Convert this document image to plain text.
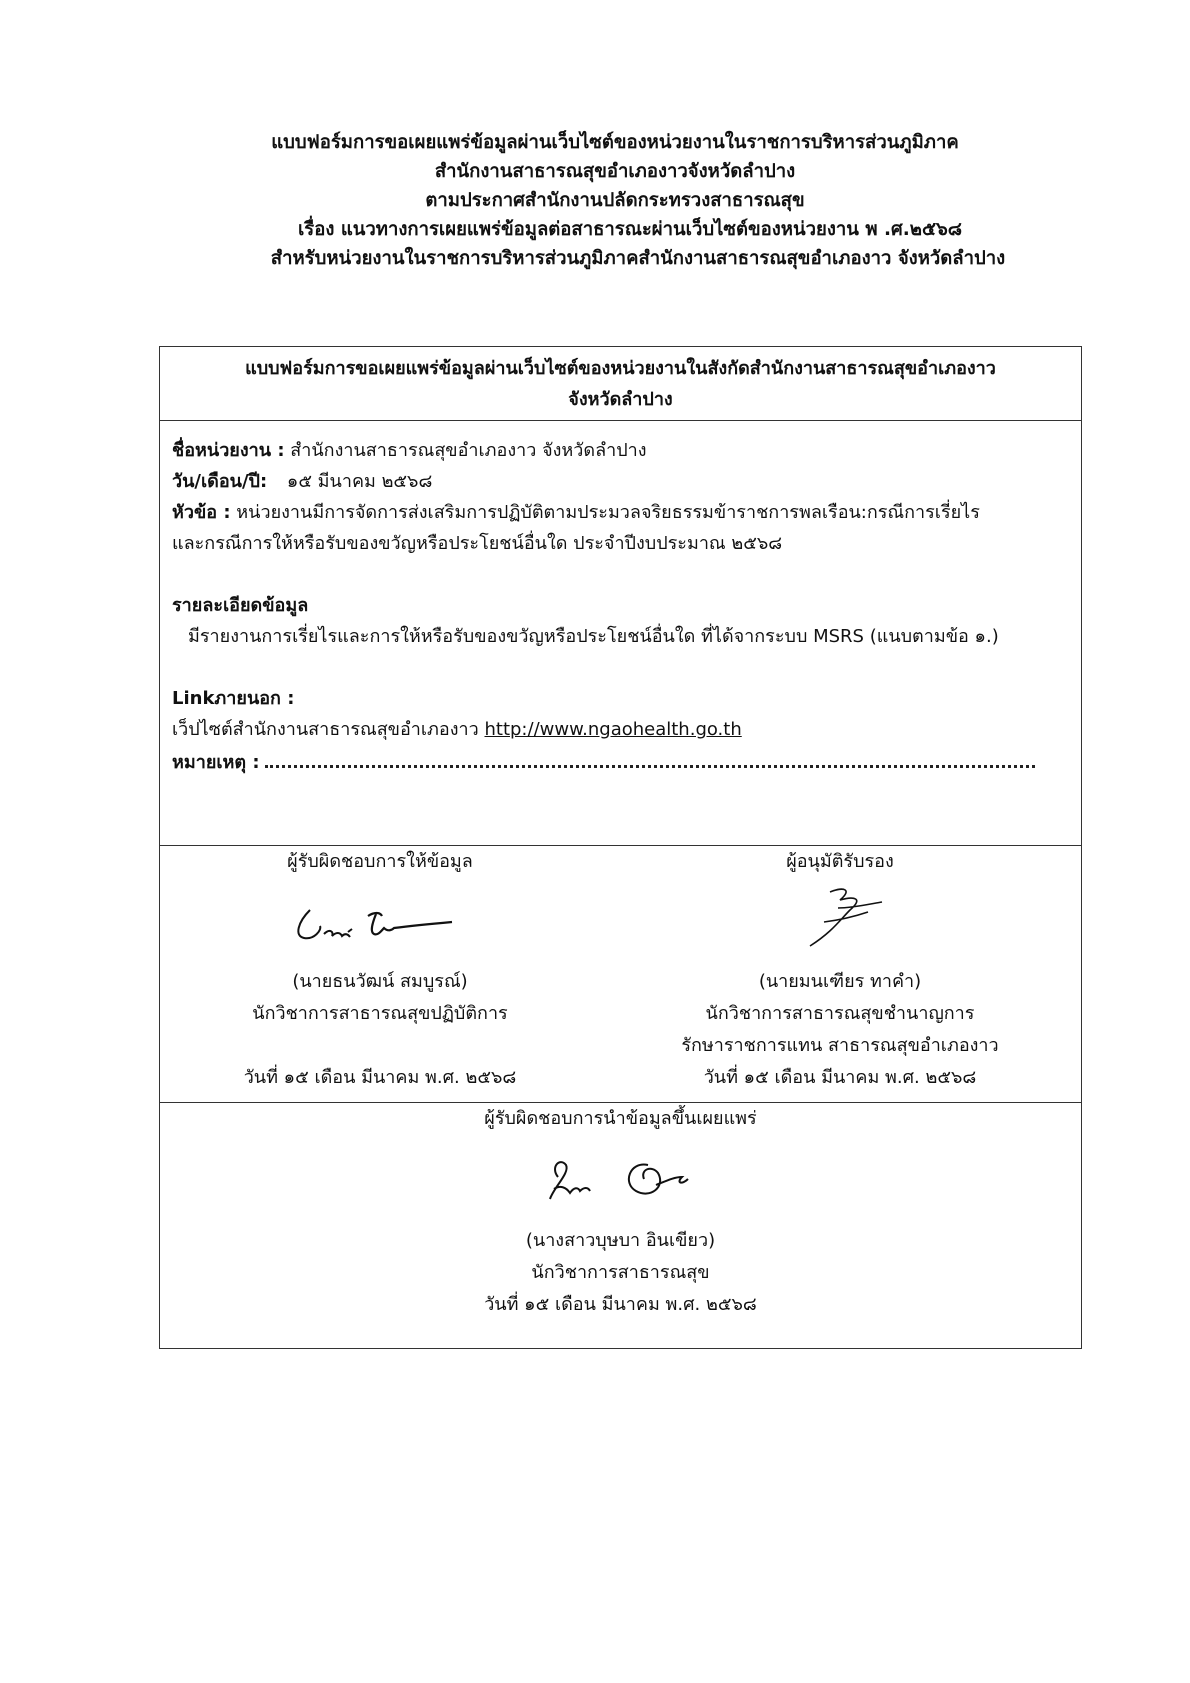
แบบฟอร์มการขอเผยแพร่ข้อมูลผ่านเว็บไซต์ของหน่วยงานในราชการบริหารส่วนภูมิภาค
สำนักงานสาธารณสุขอำเภองาวจังหวัดลำปาง
ตามประกาศสำนักงานปลัดกระทรวงสาธารณสุข
เรื่อง แนวทางการเผยแพร่ข้อมูลต่อสาธารณะผ่านเว็บไซต์ของหน่วยงาน พ .ศ.๒๕๖๘
สำหรับหน่วยงานในราชการบริหารส่วนภูมิภาคสำนักงานสาธารณสุขอำเภองาว จังหวัดลำปาง
แบบฟอร์มการขอเผยแพร่ข้อมูลผ่านเว็บไซต์ของหน่วยงานในสังกัดสำนักงานสาธารณสุขอำเภองาว
จังหวัดลำปาง
ชื่อหน่วยงาน : สำนักงานสาธารณสุขอำเภองาว จังหวัดลำปาง
วัน/เดือน/ปี: ๑๕ มีนาคม ๒๕๖๘
หัวข้อ : หน่วยงานมีการจัดการส่งเสริมการปฏิบัติตามประมวลจริยธรรมข้าราชการพลเรือน:กรณีการเรี่ยไร
และกรณีการให้หรือรับของขวัญหรือประโยชน์อื่นใด ประจำปีงบประมาณ ๒๕๖๘
รายละเอียดข้อมูล
มีรายงานการเรี่ยไรและการให้หรือรับของขวัญหรือประโยชน์อื่นใด ที่ได้จากระบบ MSRS (แนบตามข้อ ๑.)
Linkภายนอก :
เว็ปไซต์สำนักงานสาธารณสุขอำเภองาว http://www.ngaohealth.go.th
หมายเหตุ :
ผู้รับผิดชอบการให้ข้อมูล
(นายธนวัฒน์ สมบูรณ์)
นักวิชาการสาธารณสุขปฏิบัติการ
วันที่ ๑๕ เดือน มีนาคม พ.ศ. ๒๕๖๘
ผู้อนุมัติรับรอง
(นายมนเฑียร ทาคำ)
นักวิชาการสาธารณสุขชำนาญการ
รักษาราชการแทน สาธารณสุขอำเภองาว
วันที่ ๑๕ เดือน มีนาคม พ.ศ. ๒๕๖๘
ผู้รับผิดชอบการนำข้อมูลขึ้นเผยแพร่
(นางสาวบุษบา อินเขียว)
นักวิชาการสาธารณสุข
วันที่ ๑๕ เดือน มีนาคม พ.ศ. ๒๕๖๘
